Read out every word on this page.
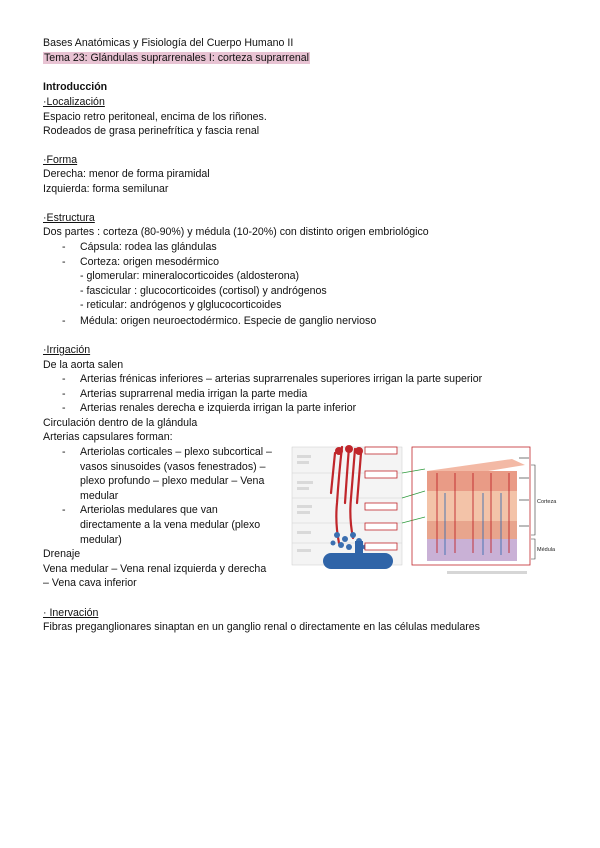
Bases Anatómicas y Fisiología del Cuerpo Humano II
Tema 23: Glándulas suprarrenales I: corteza suprarrenal
Introducción
·Localización
Espacio retro peritoneal, encima de los riñones.
Rodeados de grasa perinefrítica y fascia renal
·Forma
Derecha: menor de forma piramidal
Izquierda: forma semilunar
·Estructura
Dos partes : corteza (80-90%) y médula (10-20%) con distinto origen embriológico
- Cápsula: rodea las glándulas
- Corteza: origen mesodérmico
- glomerular: mineralocorticoides (aldosterona)
- fascicular : glucocorticoides (cortisol) y andrógenos
- reticular: andrógenos y glglucocorticoides
- Médula: origen neuroectodérmico. Especie de ganglio nervioso
·Irrigación
De la aorta salen
- Arterias frénicas inferiores – arterias suprarrenales superiores irrigan la parte superior
- Arterias suprarrenal media irrigan la parte media
- Arterias renales derecha e izquierda irrigan la parte inferior
Circulación dentro de la glándula
Arterias capsulares forman:
- Arteriolas corticales – plexo subcortical –
vasos sinusoides (vasos fenestrados) –
plexo profundo – plexo medular – Vena
medular
- Arteriolas medulares que van
directamente a la vena medular (plexo
medular)
Drenaje
Vena medular – Vena renal izquierda y derecha
– Vena cava inferior
· Inervación
Fibras preganglionares sinaptan en un ganglio renal o directamente en las células medulares
Corteza
Médula
